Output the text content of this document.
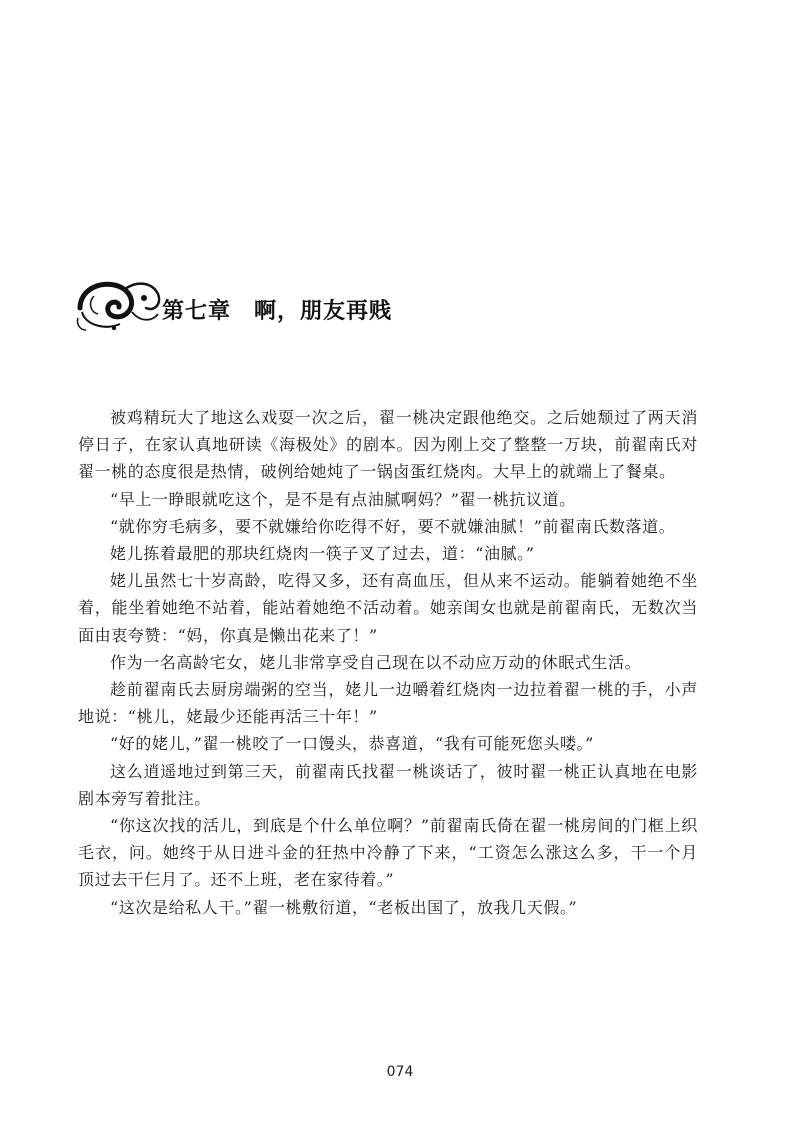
第七章　啊，朋友再贱

被鸡精玩大了地这么戏耍一次之后，翟一桃决定跟他绝交。之后她颓过了两天消停日子，在家认真地研读《海极处》的剧本。因为刚上交了整整一万块，前翟南氏对翟一桃的态度很是热情，破例给她炖了一锅卤蛋红烧肉。大早上的就端上了餐桌。

“早上一睁眼就吃这个，是不是有点油腻啊妈？”翟一桃抗议道。

“就你穷毛病多，要不就嫌给你吃得不好，要不就嫌油腻！”前翟南氏数落道。

姥儿拣着最肥的那块红烧肉一筷子叉了过去，道：“油腻。”

姥儿虽然七十岁高龄，吃得又多，还有高血压，但从来不运动。能躺着她绝不坐着，能坐着她绝不站着，能站着她绝不活动着。她亲闺女也就是前翟南氏，无数次当面由衷夸赞：“妈，你真是懒出花来了！”

作为一名高龄宅女，姥儿非常享受自己现在以不动应万动的休眠式生活。

趁前翟南氏去厨房端粥的空当，姥儿一边嚼着红烧肉一边拉着翟一桃的手，小声地说：“桃儿，姥最少还能再活三十年！”

“好的姥儿，”翟一桃咬了一口馒头，恭喜道，“我有可能死您头喽。”

这么逍遥地过到第三天，前翟南氏找翟一桃谈话了，彼时翟一桃正认真地在电影剧本旁写着批注。

“你这次找的活儿，到底是个什么单位啊？”前翟南氏倚在翟一桃房间的门框上织毛衣，问。她终于从日进斗金的狂热中冷静了下来，“工资怎么涨这么多，干一个月顶过去干仨月了。还不上班，老在家待着。”

“这次是给私人干。”翟一桃敷衍道，“老板出国了，放我几天假。”

074
